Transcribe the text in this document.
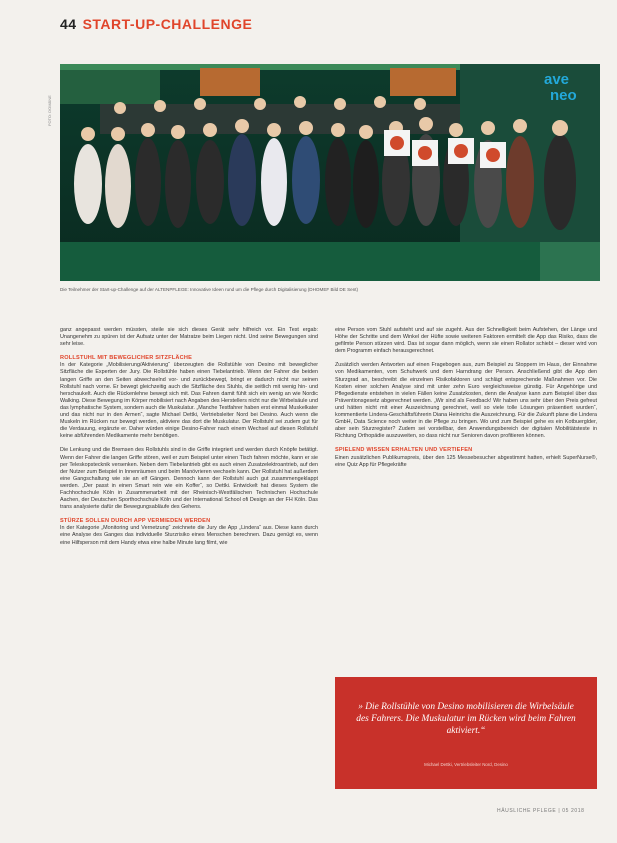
44 START-UP-CHALLENGE
FOTO: DOMÄNE
ave
neo
Die Teilnehmer der Start-up-Challenge auf der ALTENPFLEGE: Innovative Ideen rund um die Pflege durch Digitalisierung (DHOMEF Bild DE Sent)

ganz angepasst werden müssten, steile sie sich dieses Gerät sehr hilfreich vor. Ein Test ergab: Unangenehm zu spüren ist der Aufsatz unter der Matratze beim Liegen nicht. Und seine Bewegungen sind sehr leise.

ROLLSTUHL MIT BEWEGLICHER SITZFLÄCHE

In der Kategorie „Mobilisierung/Aktivierung“ überzeugten die Rollstühle von Desino mit beweglicher Sitzfläche die Experten der Jury. Die Rollstühle haben einen Tiebelantrieb. Wenn der Fahrer die beiden langen Griffe an den Seiten abwechselnd vor- und zurückbewegt, bringt er dadurch nicht nur seinen Rollstuhl nach vorne. Er bewegt gleichzeitig auch die Sitzfläche des Stuhls, die seitlich mit wenig hin- und herschaukelt. Auch die Rückenlehne bewegt sich mit. Das Fahren damit fühlt sich ein wenig an wie Nordic Walking. Diese Bewegung im Körper mobilisiert nach Angaben des Herstellers nicht nur die Wirbelsäule und das lymphatische System, sondern auch die Muskulatur. „Manche Testfahrer haben erst einmal Muskelkater und das nicht nur in den Armen“, sagte Michael Dettki, Vertriebsleiter Nord bei Desino. Auch wenn die Muskeln im Rücken nur bewegt werden, aktiviere das dort die Muskulatur. Der Rollstuhl sei zudem gut für die Verdauung, ergänzte er. Daher würden einige Desino-Fahrer nach einem Wechsel auf diesen Rollstuhl keine abführenden Medikamente mehr benötigen.

Die Lenkung und die Bremsen des Rollstuhls sind in die Griffe integriert und werden durch Knöpfe betätigt. Wenn der Fahrer die langen Griffe stören, weil er zum Beispiel unter einen Tisch fahren möchte, kann er sie per Teleskopstecknik versenken. Neben dem Tiebelantrieb gibt es auch einen Zusatzelektroantrieb, auf den der Nutzer zum Beispiel in Innenräumen und beim Manövrieren wechseln kann. Der Rollstuhl hat außerdem eine Gangschaltung wie sie an elf Gängen. Dennoch kann der Rollstuhl auch gut zusammengeklappt werden. „Der passt in einen Smart rein wie ein Koffer“, so Dettki. Entwickelt hat dieses System die Fachhochschule Köln in Zusammenarbeit mit der Rheinisch-Westfälischen Technischen Hochschule Aachen, der Deutschen Sporthochschule Köln und der International School ofi Design an der FH Köln. Das trans analysierte dafür die Bewegungsabläufe des Gehens.

STÜRZE SOLLEN DURCH APP VERMIEDEN WERDEN

In der Kategorie „Monitoring und Vernetzung“ zeichnete die Jury die App „Lindera“ aus. Diese kann durch eine Analyse des Ganges das individuelle Sturzrisiko eines Menschen berechnen. Dazu genügt es, wenn eine Hilfsperson mit dem Handy etwa eine halbe Minute lang filmt, wie

eine Person vom Stuhl aufsteht und auf sie zugeht. Aus der Schnelligkeit beim Aufstehen, der Länge und Höhe der Schritte und dem Winkel der Hüfte sowie weiteren Faktoren ermittelt die App das Risiko, dass die gefilmte Person stürzen wird. Das ist sogar dann möglich, wenn sie einen Rollator schiebt – dieser wird von dem Programm einfach herausgerechnet.

Zusätzlich werden Antworten auf einen Fragebogen aus, zum Beispiel zu Stoppern im Haus, der Einnahme von Medikamenten, vom Schuhwerk und dem Harndrang der Person. Anschließend gibt die App den Sturzgrad an, beschreibt die einzelnen Risikofaktoren und schlägt entsprechende Maßnahmen vor. Die Kosten einer solchen Analyse sind mit unter zehn Euro vergleichsweise günstig. Für Angehörige und Pflegedienste entstehen in vielen Fällen keine Zusatzkosten, denn die Analyse kann zum Beispiel über das Präventionsgesetz abgerechnet werden. „Wir sind als Feedback! Wir haben uns sehr über den Preis gefreut und hätten nicht mit einer Auszeichnung gerechnet, weil so viele tolle Lösungen präsentiert wurden“, kommentierte Lindera-Geschäftsführerin Diana Heinrichs die Auszeichnung. Für die Zukunft plane die Lindera GmbH, Data Science noch weiter in die Pflege zu bringen. Wo und zum Beispiel gehe es ein Kotbuerglder, aber sein Sturzregister? Zudem sei vorstellbar, den Anwendungsbereich der digitalen Mobilitätsteste in Richtung Orthopädie auszuweiten, so dass nicht nur Senioren davon profitieren können.

SPIELEND WISSEN ERHALTEN UND VERTIEFEN

Einen zusätzlichen Publikumspreis, über den 125 Messebesucher abgestimmt hatten, erhielt SuperNurse®, eine Quiz App für Pflegekräfte

» Die Rollstühle von Desino mobilisieren die Wirbelsäule des Fahrers. Die Muskulatur im Rücken wird beim Fahren aktiviert.“
Michael Dettki, Vertriebsleiter Nord, Desino
HÄUSLICHE PFLEGE | 05 2018
